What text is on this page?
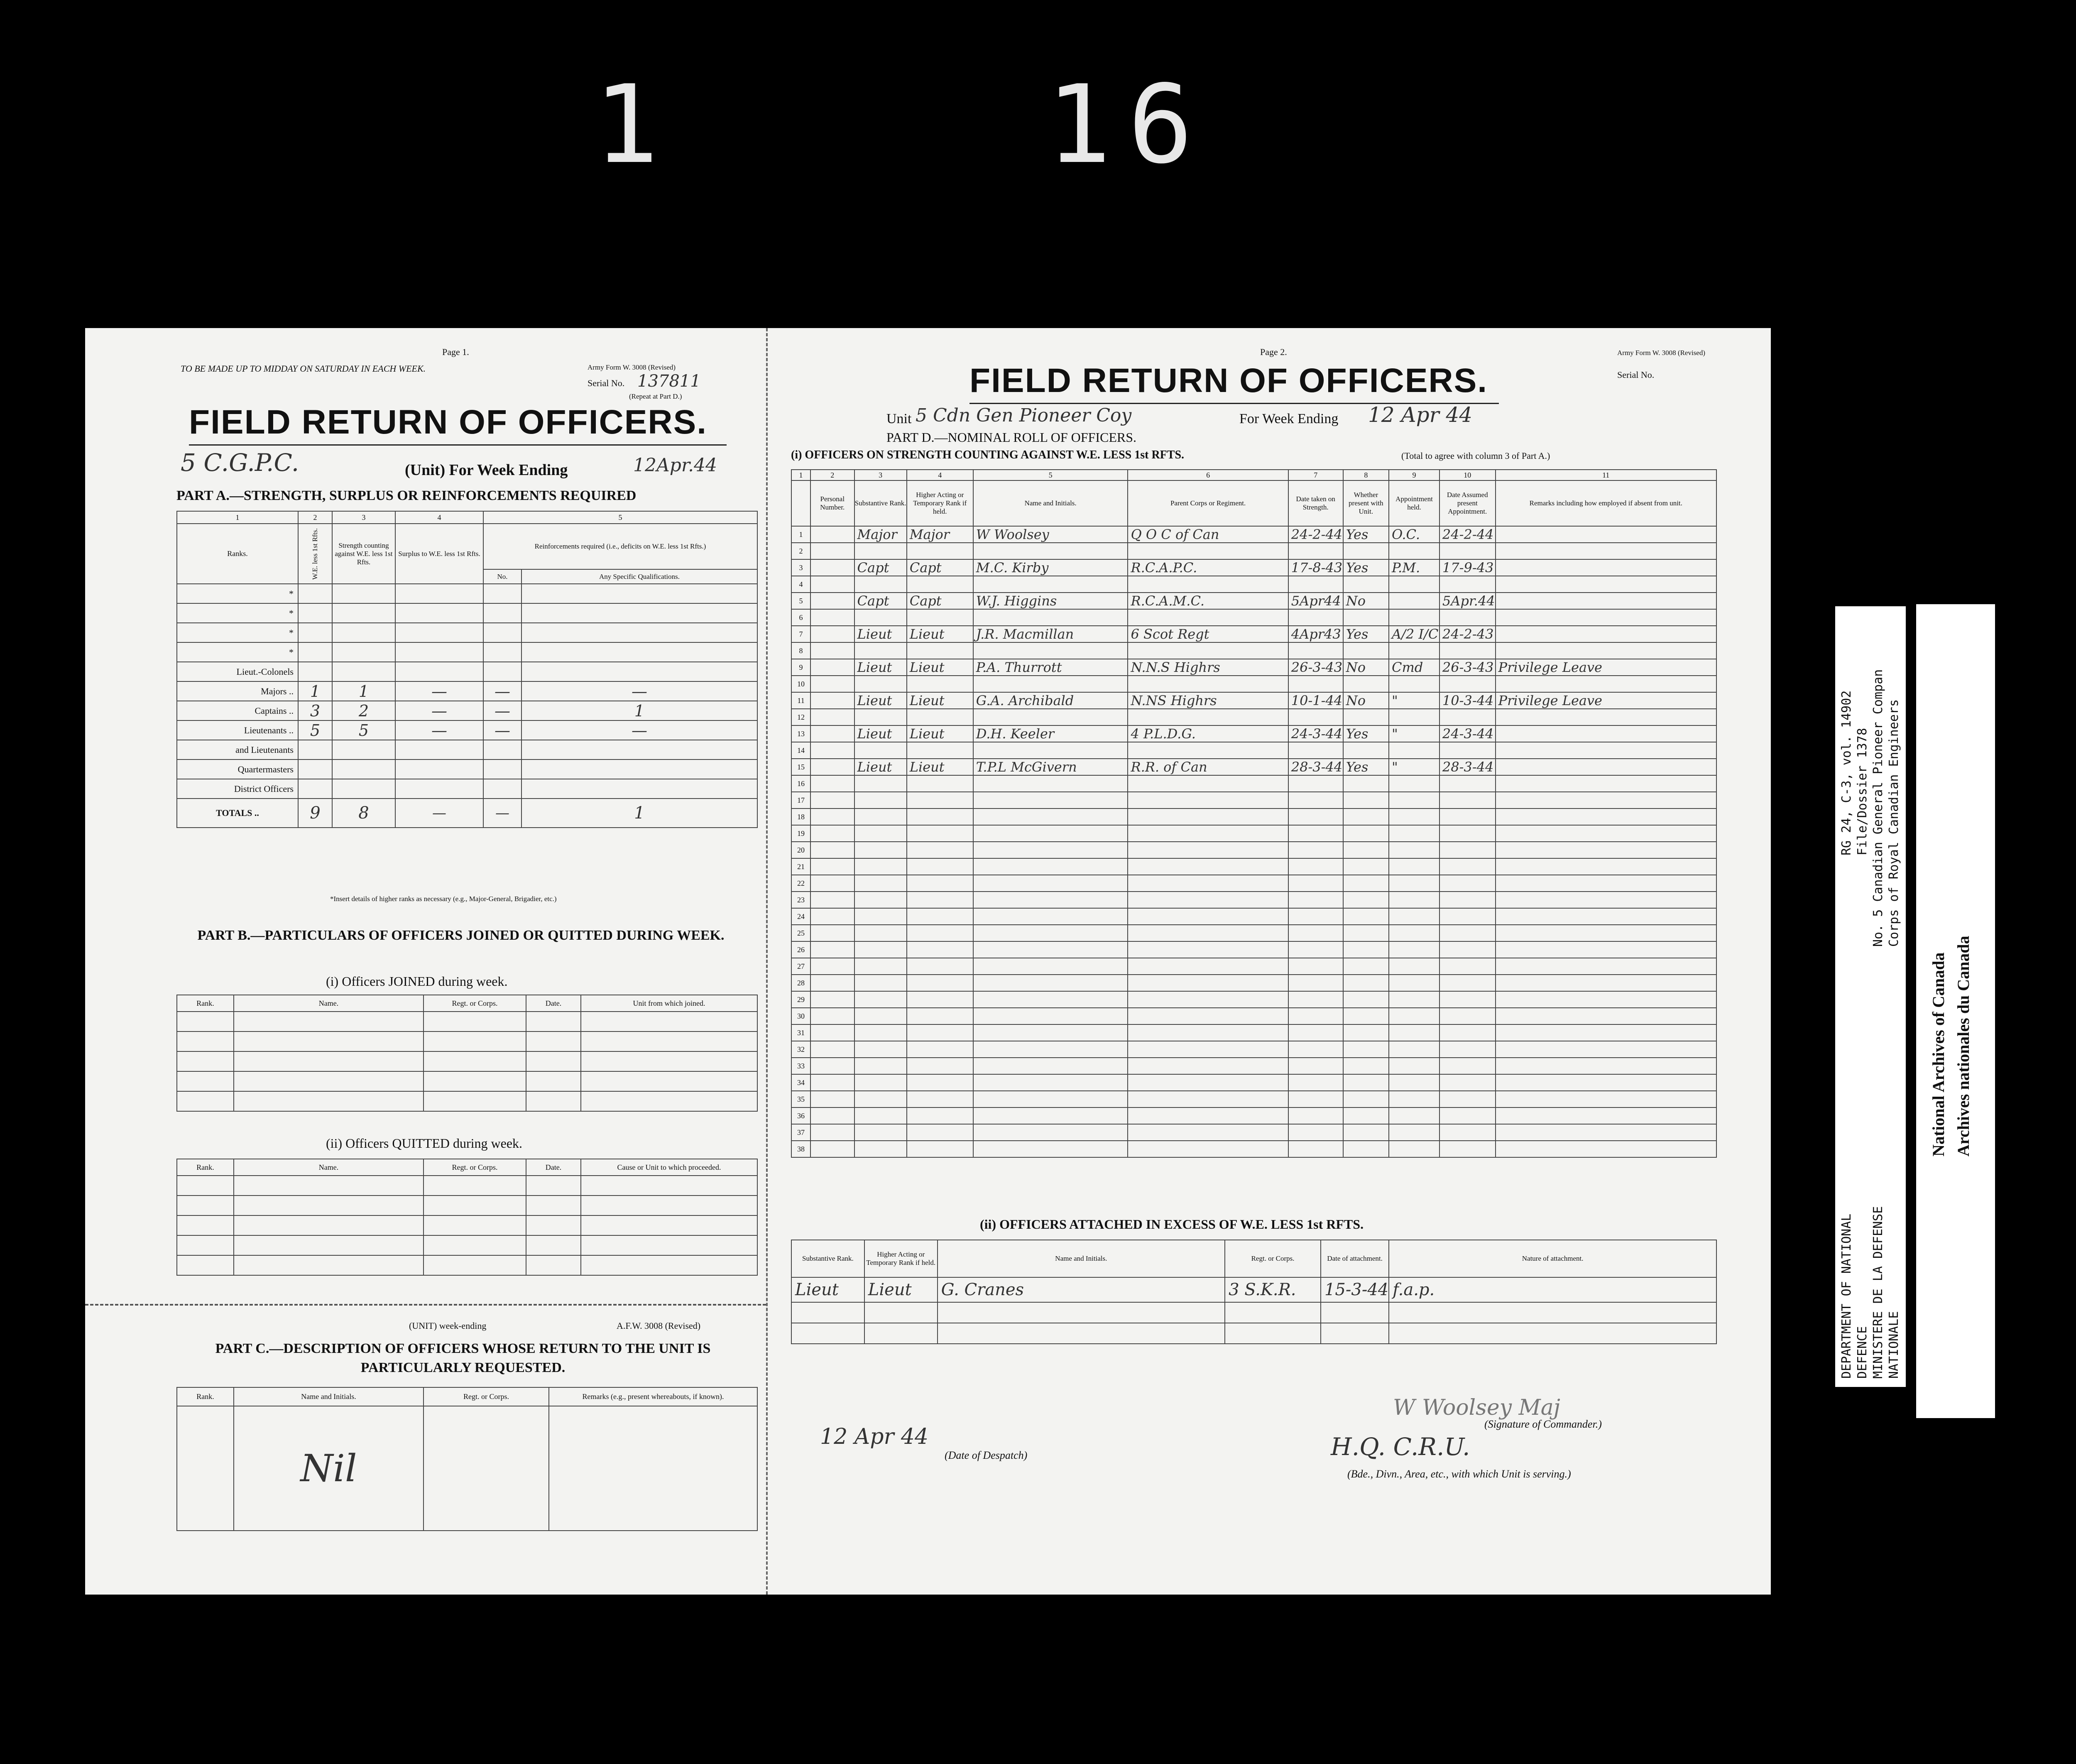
1	16
Page 1.
TO BE MADE UP TO MIDDAY ON SATURDAY IN EACH WEEK.	Army Form W. 3008 (Revised)
Serial No. 137811
(Repeat at Part D.)
FIELD RETURN OF OFFICERS.
5 C.G.P.C.	(Unit) For Week Ending	12Apr.44
PART A.—STRENGTH, SURPLUS OR REINFORCEMENTS REQUIRED
1	2	3	4	5	
Ranks.	W.E. less 1st Rfts.	Strength counting against W.E. less 1st Rfts.	Surplus to W.E. less 1st Rfts.	Reinforcements required (i.e., deficits on W.E. less 1st Rfts.)	
				No.	Any Specific Qualifications.
*					
*					
*					
*					
Lieut.-Colonels					
Majors ..	1	1	—	—	—
Captains ..	3	2	—	—	1
Lieutenants ..	5	5	—	—	—
and Lieutenants					
Quartermasters					
District Officers					
TOTALS ..	9	8	—	—	1
*Insert details of higher ranks as necessary (e.g., Major-General, Brigadier, etc.)
PART B.—PARTICULARS OF OFFICERS JOINED OR QUITTED DURING WEEK.
(i) Officers JOINED during week.
Rank.	Name.	Regt. or Corps.	Date.	Unit from which joined.

(ii) Officers QUITTED during week.
Rank.	Name.	Regt. or Corps.	Date.	Cause or Unit to which proceeded.

(UNIT) week-ending	A.F.W. 3008 (Revised)
PART C.—DESCRIPTION OF OFFICERS WHOSE RETURN TO THE UNIT IS PARTICULARLY REQUESTED.
Rank.	Name and Initials.	Regt. or Corps.	Remarks (e.g., present whereabouts, if known).
	Nil		
Page 2.	Army Form W. 3008 (Revised)
Serial No.
FIELD RETURN OF OFFICERS.
Unit 5 Cdn Gen Pioneer Coy	For Week Ending 12 Apr 44
PART D.—NOMINAL ROLL OF OFFICERS.
(i) OFFICERS ON STRENGTH COUNTING AGAINST W.E. LESS 1st RFTS.	(Total to agree with column 3 of Part A.)
1	2	3	4	5	6	7	8	9	10	11
	Personal Number.	Substantive Rank.	Higher Acting or Temporary Rank if held.	Name and Initials.	Parent Corps or Regiment.	Date taken on Strength.	Whether present with Unit.	Appointment held.	Date Assumed present Appointment.	Remarks including how employed if absent from unit.
1		Major	Major	W Woolsey	Q O C of Can	24-2-44	Yes	O.C.	24-2-44	
2										
3		Capt	Capt	M.C. Kirby	R.C.A.P.C.	17-8-43	Yes	P.M.	17-9-43	
4										
5		Capt	Capt	W.J. Higgins	R.C.A.M.C.	5Apr44	No		5Apr.44	
6										
7		Lieut	Lieut	J.R. Macmillan	6 Scot Regt	4Apr43	Yes	A/2 I/C	24-2-43	
8										
9		Lieut	Lieut	P.A. Thurrott	N.N.S Highrs	26-3-43	No	Cmd	26-3-43	Privilege Leave
10										
11		Lieut	Lieut	G.A. Archibald	N.NS Highrs	10-1-44	No	"	10-3-44	Privilege Leave
12										
13		Lieut	Lieut	D.H. Keeler	4 P.L.D.G.	24-3-44	Yes	"	24-3-44	
14										
15		Lieut	Lieut	T.P.L McGivern	R.R. of Can	28-3-44	Yes	"	28-3-44	
16										
17										
18										
19										
20										
21										
22										
23										
24										
25										
26										
27										
28										
29										
30										
31										
32										
33										
34										
35										
36										
37										
38										
(ii) OFFICERS ATTACHED IN EXCESS OF W.E. LESS 1st RFTS.
Substantive Rank.	Higher Acting or Temporary Rank if held.	Name and Initials.	Regt. or Corps.	Date of attachment.	Nature of attachment.
Lieut	Lieut	G. Cranes	3 S.K.R.	15-3-44	f.a.p.

W Woolsey Maj
(Signature of Commander.)
12 Apr 44
(Date of Despatch)	H.Q. C.R.U.
(Bde., Divn., Area, etc., with which Unit is serving.)
RG 24, C-3, vol. 14902 File/Dossier 1378 No. 5 Canadian General Pioneer Compan Corps of Royal Canadian Engineers
DEPARTMENT OF NATIONAL DEFENCE MINISTERE DE LA DEFENSE NATIONALE
National Archives of Canada Archives nationales du Canada
